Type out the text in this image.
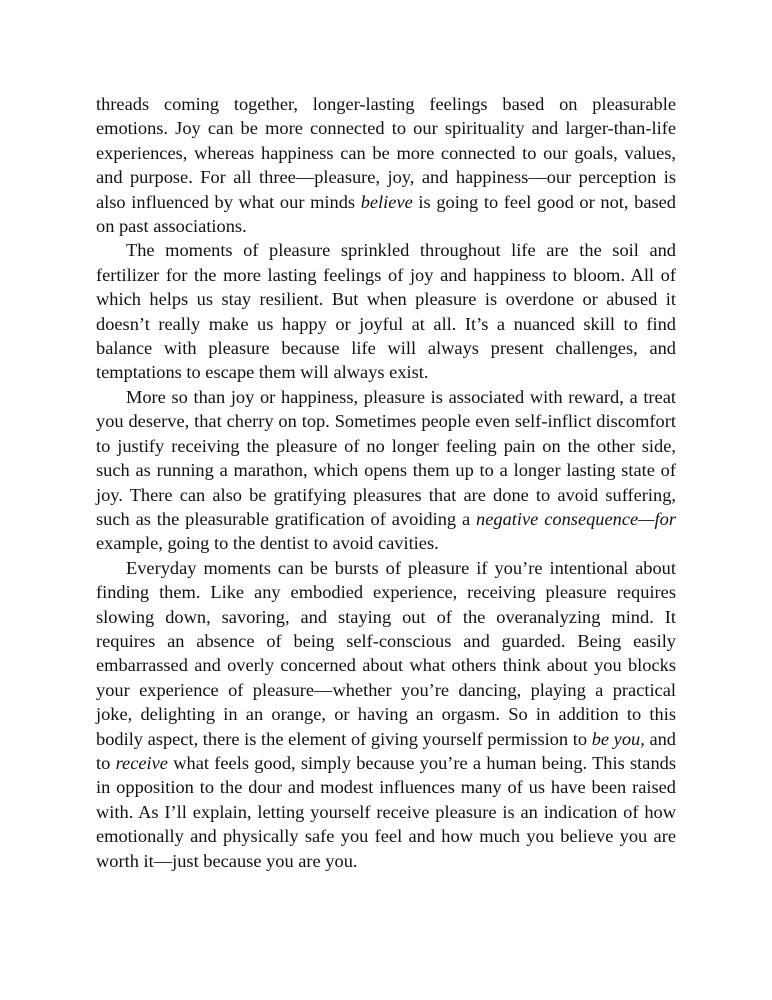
threads coming together, longer-lasting feelings based on pleasurable emotions. Joy can be more connected to our spirituality and larger-than-life experiences, whereas happiness can be more connected to our goals, values, and purpose. For all three—pleasure, joy, and happiness—our perception is also influenced by what our minds believe is going to feel good or not, based on past associations.

The moments of pleasure sprinkled throughout life are the soil and fertilizer for the more lasting feelings of joy and happiness to bloom. All of which helps us stay resilient. But when pleasure is overdone or abused it doesn’t really make us happy or joyful at all. It’s a nuanced skill to find balance with pleasure because life will always present challenges, and temptations to escape them will always exist.

More so than joy or happiness, pleasure is associated with reward, a treat you deserve, that cherry on top. Sometimes people even self-inflict discomfort to justify receiving the pleasure of no longer feeling pain on the other side, such as running a marathon, which opens them up to a longer lasting state of joy. There can also be gratifying pleasures that are done to avoid suffering, such as the pleasurable gratification of avoiding a negative consequence—for example, going to the dentist to avoid cavities.

Everyday moments can be bursts of pleasure if you’re intentional about finding them. Like any embodied experience, receiving pleasure requires slowing down, savoring, and staying out of the overanalyzing mind. It requires an absence of being self-conscious and guarded. Being easily embarrassed and overly concerned about what others think about you blocks your experience of pleasure—whether you’re dancing, playing a practical joke, delighting in an orange, or having an orgasm. So in addition to this bodily aspect, there is the element of giving yourself permission to be you, and to receive what feels good, simply because you’re a human being. This stands in opposition to the dour and modest influences many of us have been raised with. As I’ll explain, letting yourself receive pleasure is an indication of how emotionally and physically safe you feel and how much you believe you are worth it—just because you are you.
